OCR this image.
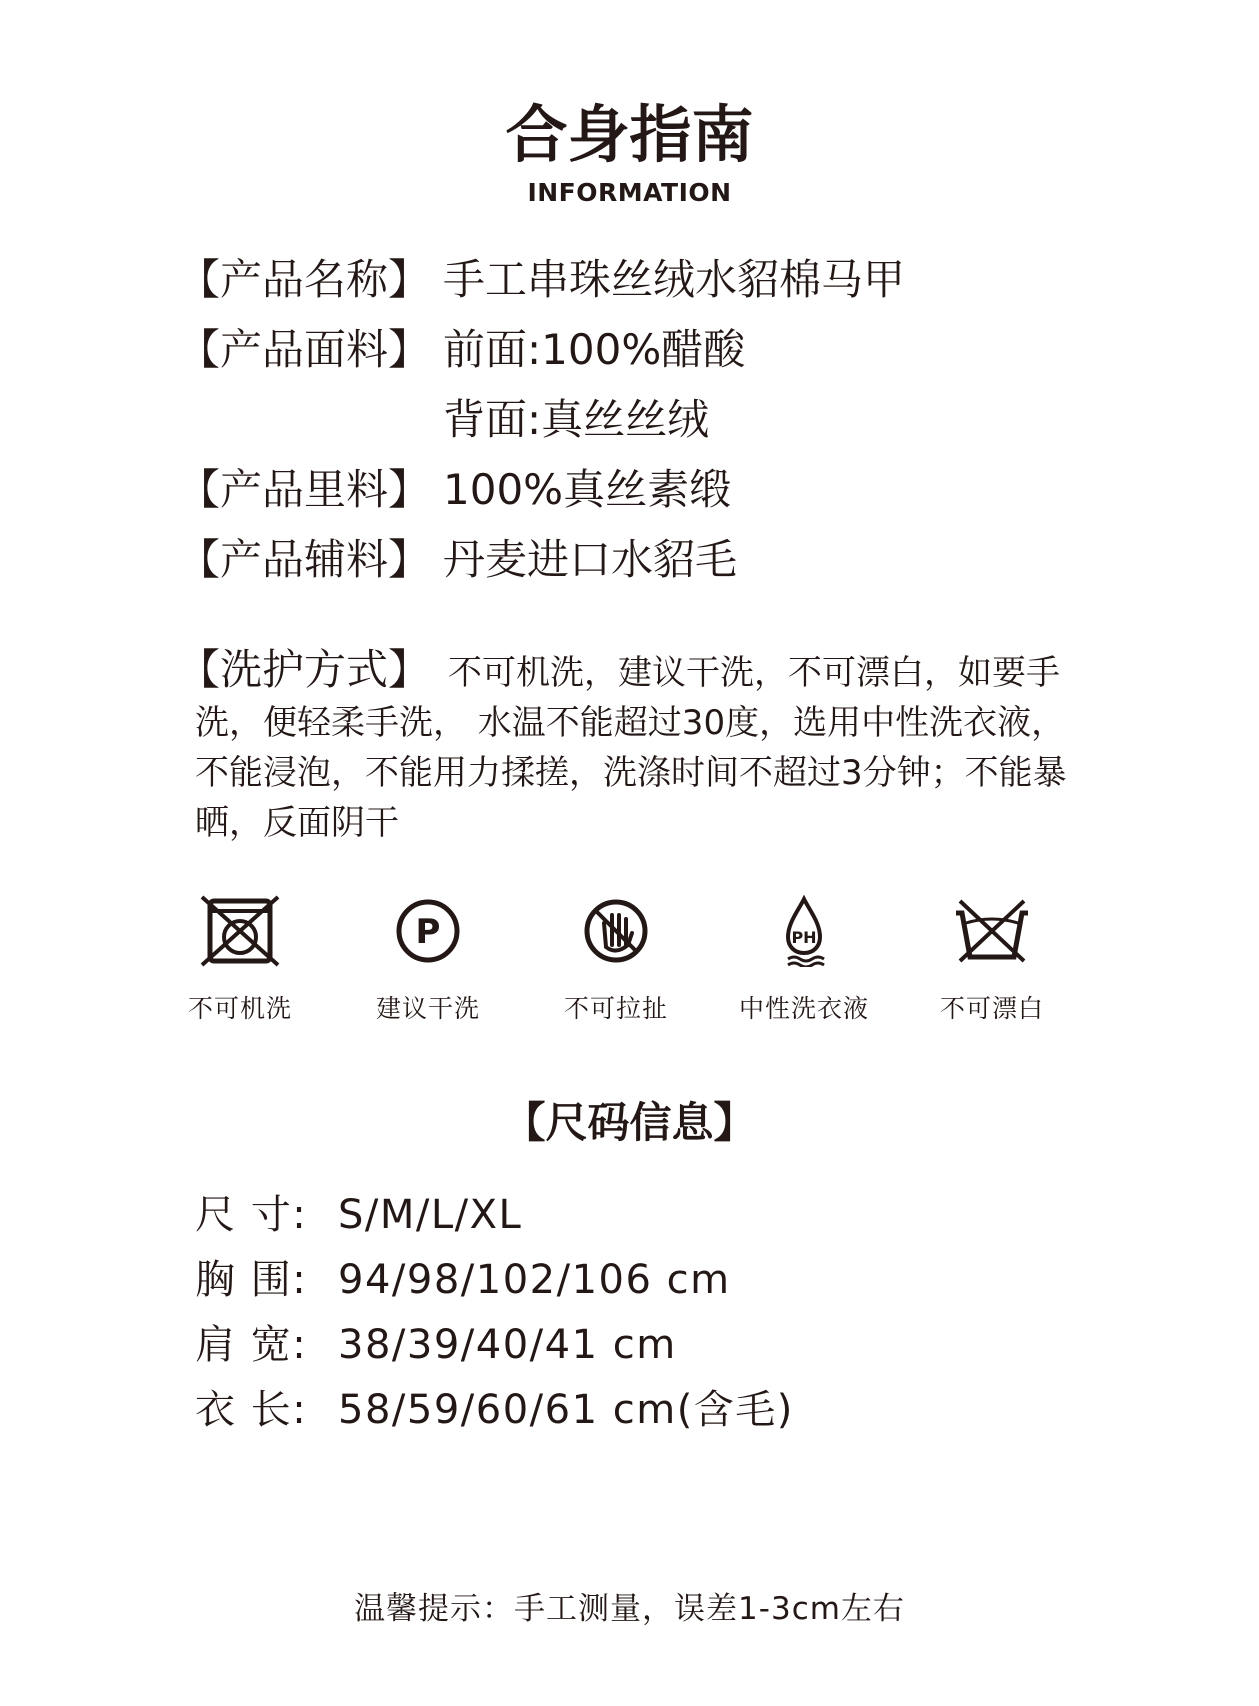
合身指南
INFORMATION
【产品名称】 手工串珠丝绒水貂棉马甲
【产品面料】 前面:100%醋酸
背面:真丝丝绒
【产品里料】 100%真丝素缎
【产品辅料】 丹麦进口水貂毛
【洗护方式】 不可机洗，建议干洗，不可漂白，如要手洗，便轻柔手洗， 水温不能超过30度，选用中性洗衣液，不能浸泡，不能用力揉搓，洗涤时间不超过3分钟；不能暴晒，反面阴干
不可机洗
P
建议干洗	不可拉扯
PH
中性洗衣液	不可漂白
【尺码信息】
尺 寸: S/M/L/XL
胸 围: 94/98/102/106 cm
肩 宽: 38/39/40/41 cm
衣 长: 58/59/60/61 cm(含毛)
温馨提示：手工测量，误差1-3cm左右
